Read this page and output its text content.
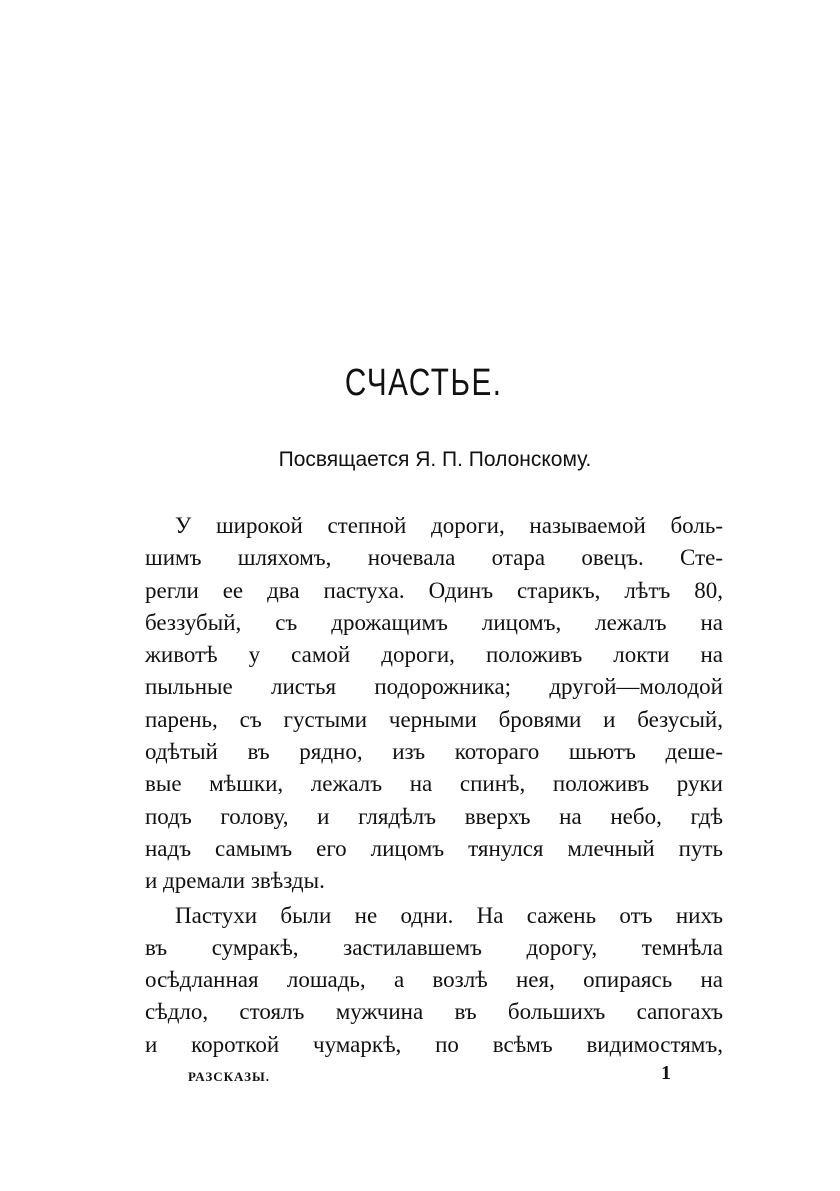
СЧАСТЬЕ.
Посвящается Я. П. Полонскому.
У широкой степной дороги, называемой боль-
шимъ шляхомъ, ночевала отара овецъ. Сте-
регли ее два пастуха. Одинъ старикъ, лѣтъ 80,
беззубый, съ дрожащимъ лицомъ, лежалъ на
животѣ у самой дороги, положивъ локти на
пыльные листья подорожника; другой—молодой
парень, съ густыми черными бровями и безусый,
одѣтый въ рядно, изъ котораго шьютъ деше-
вые мѣшки, лежалъ на спинѣ, положивъ руки
подъ голову, и глядѣлъ вверхъ на небо, гдѣ
надъ самымъ его лицомъ тянулся млечный путь
и дремали звѣзды.
Пастухи были не одни. На сажень отъ нихъ
въ сумракѣ, застилавшемъ дорогу, темнѣла
осѣдланная лошадь, а возлѣ нея, опираясь на
сѣдло, стоялъ мужчина въ большихъ сапогахъ
и короткой чумаркѣ, по всѣмъ видимостямъ,
РАЗСКАЗЫ.	1
